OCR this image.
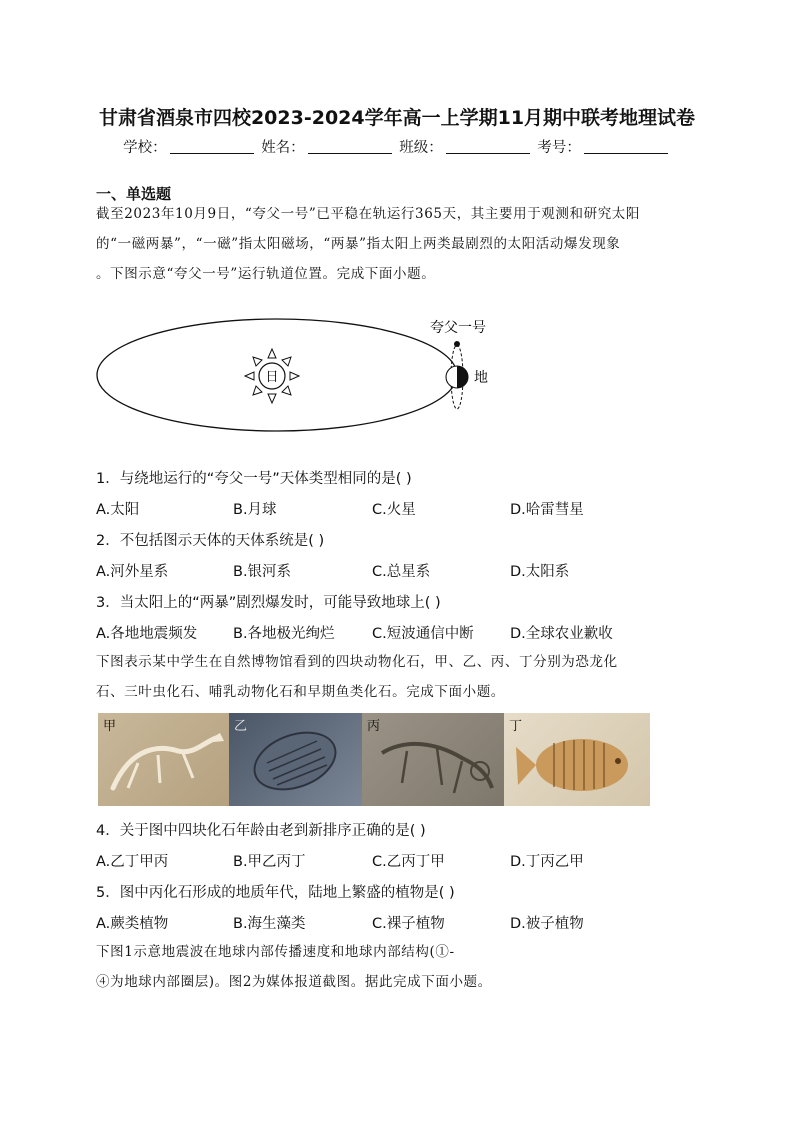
甘肃省酒泉市四校2023-2024学年高一上学期11月期中联考地理试卷
学校：	姓名：	班级：	考号：
一、单选题
截至2023年10月9日，“夸父一号”已平稳在轨运行365天，其主要用于观测和研究太阳
的“一磁两暴”，“一磁”指太阳磁场，“两暴”指太阳上两类最剧烈的太阳活动爆发现象
。下图示意“夸父一号”运行轨道位置。完成下面小题。
日	地
夸父一号
1．与绕地运行的“夸父一号”天体类型相同的是( )
A.太阳	B.月球	C.火星	D.哈雷彗星
2．不包括图示天体的天体系统是( )
A.河外星系	B.银河系	C.总星系	D.太阳系
3．当太阳上的“两暴”剧烈爆发时，可能导致地球上( )
A.各地地震频发 B.各地极光绚烂	C.短波通信中断	D.全球农业歉收
下图表示某中学生在自然博物馆看到的四块动物化石，甲、乙、丙、丁分别为恐龙化
石、三叶虫化石、哺乳动物化石和早期鱼类化石。完成下面小题。
甲	乙	丙	丁
4．关于图中四块化石年龄由老到新排序正确的是( )
A.乙丁甲丙	B.甲乙丙丁	C.乙丙丁甲	D.丁丙乙甲
5．图中丙化石形成的地质年代，陆地上繁盛的植物是( )
A.蕨类植物	B.海生藻类	C.裸子植物	D.被子植物
下图1示意地震波在地球内部传播速度和地球内部结构(①-
④为地球内部圈层)。图2为媒体报道截图。据此完成下面小题。
